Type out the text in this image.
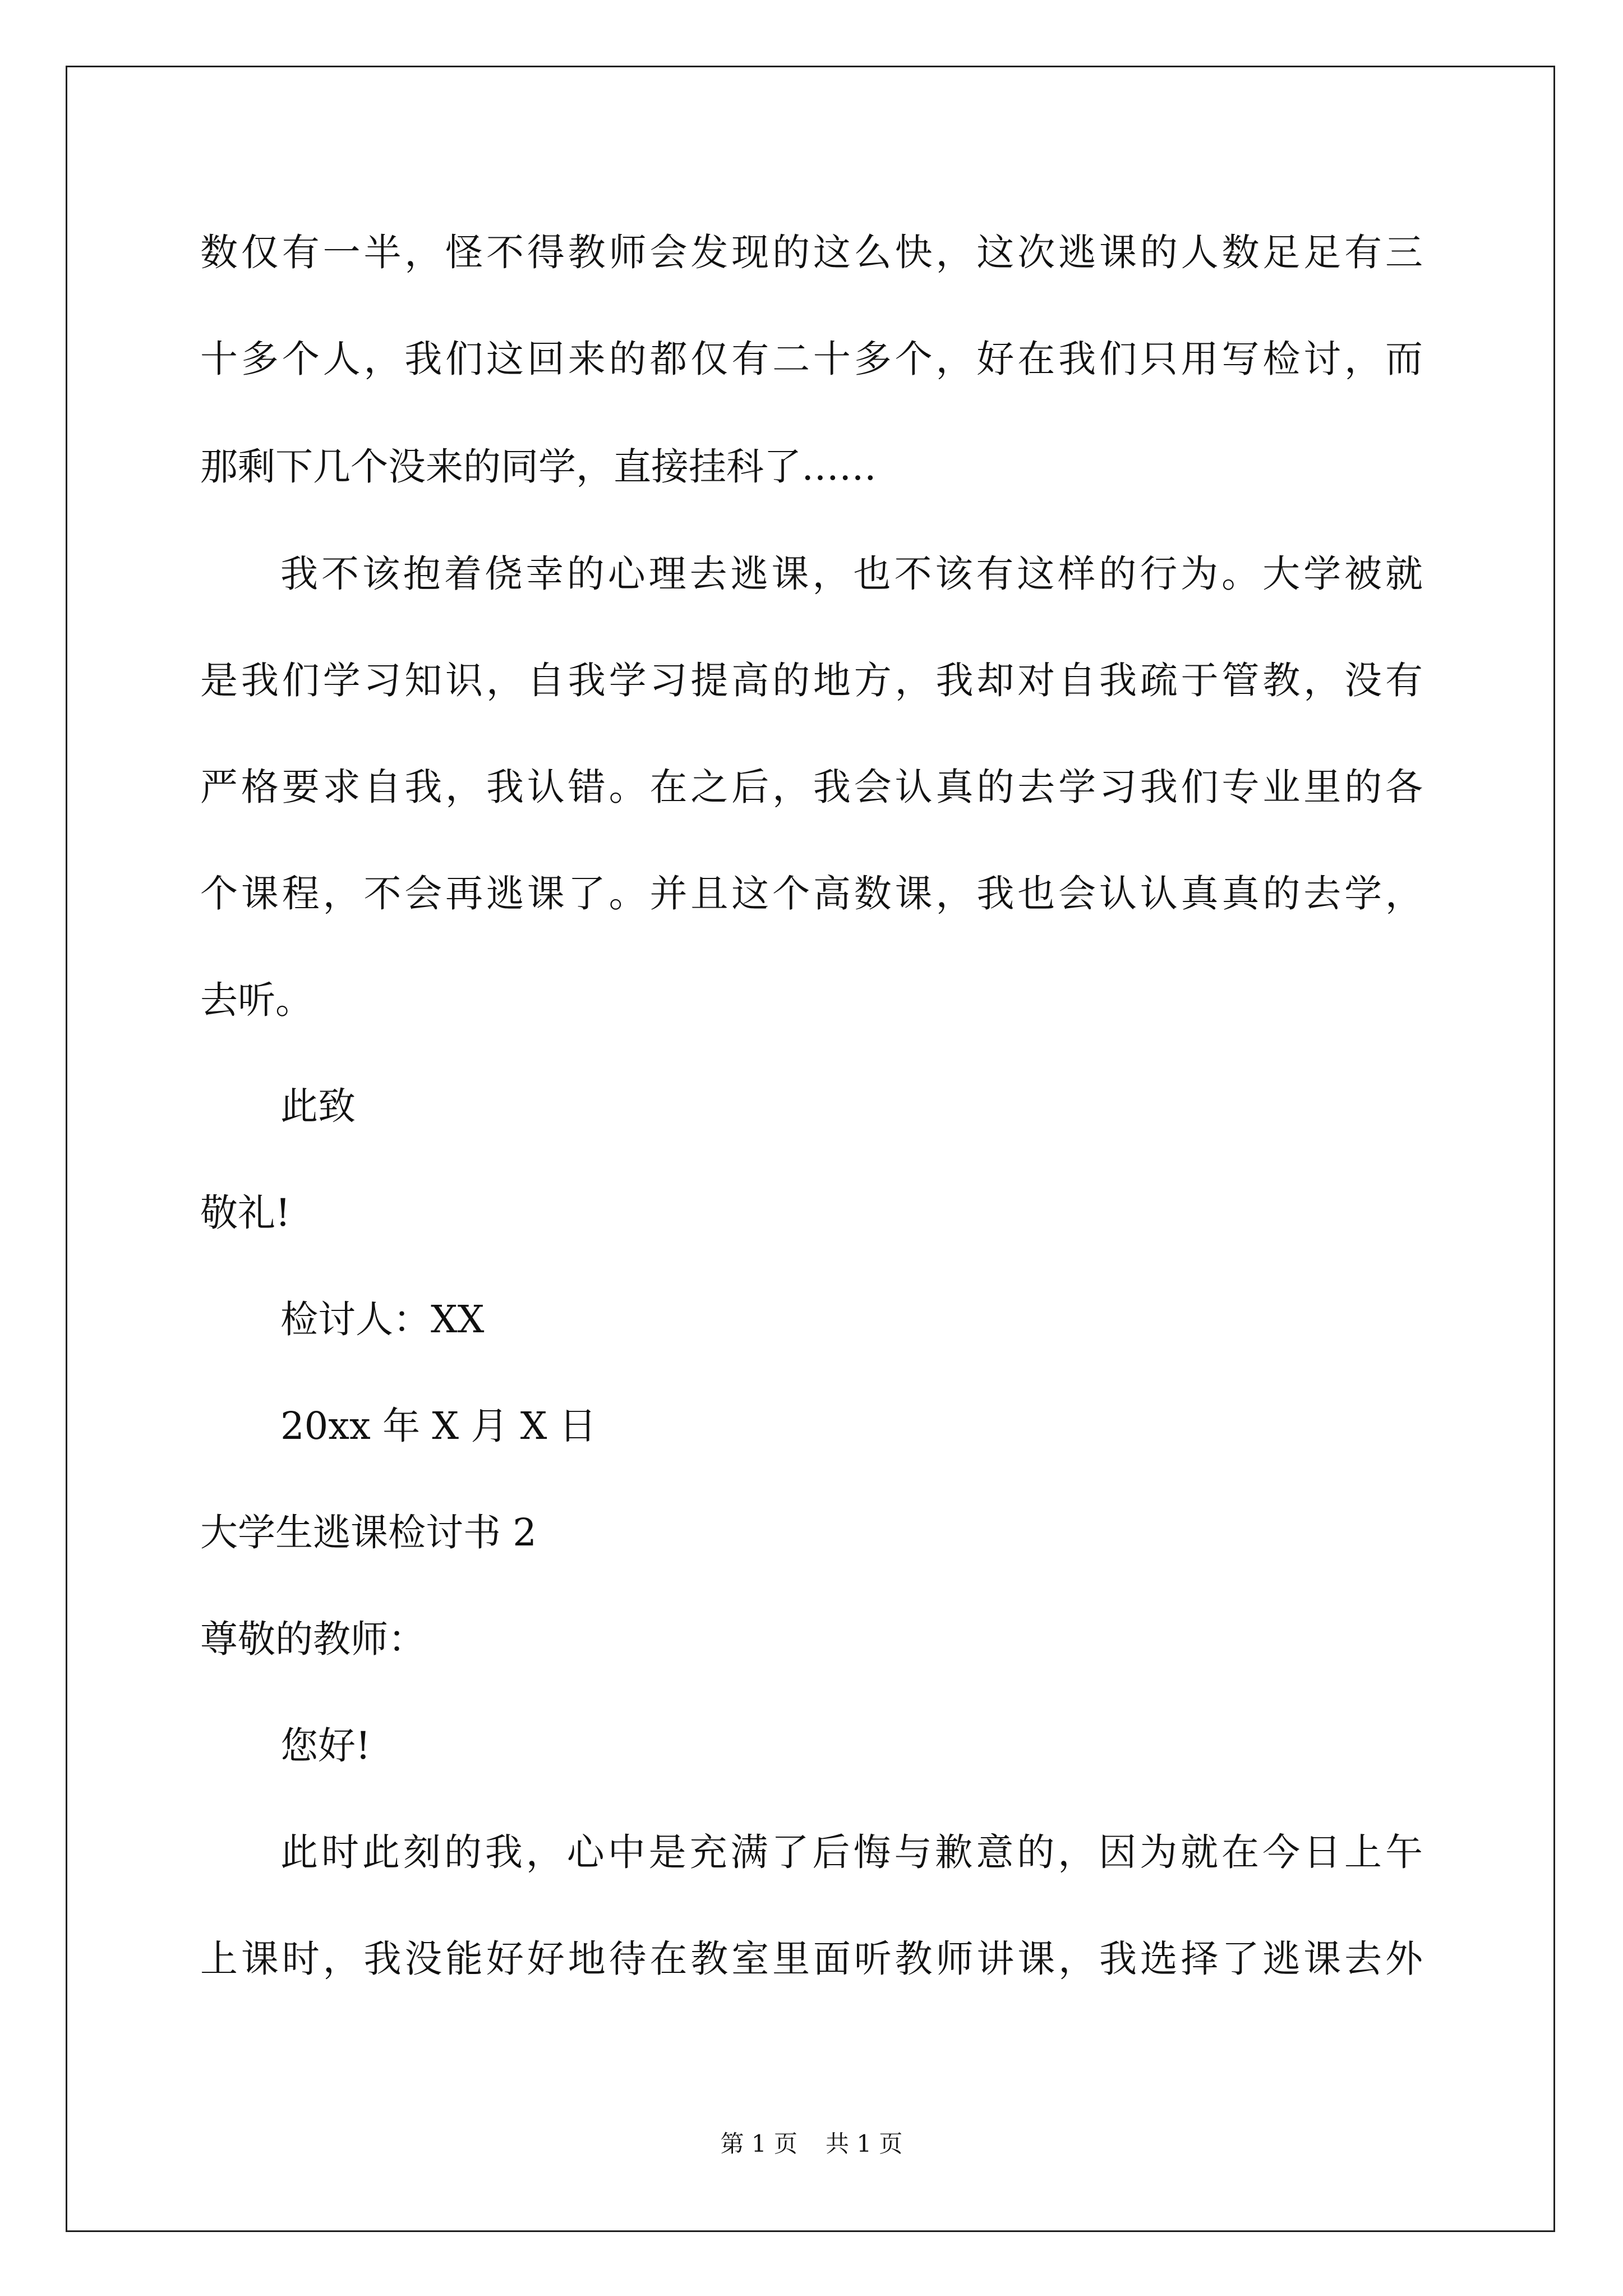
数仅有一半，怪不得教师会发现的这么快，这次逃课的人数足足有三
十多个人，我们这回来的都仅有二十多个，好在我们只用写检讨，而
那剩下几个没来的同学，直接挂科了……
我不该抱着侥幸的心理去逃课，也不该有这样的行为。大学被就
是我们学习知识，自我学习提高的地方，我却对自我疏于管教，没有
严格要求自我，我认错。在之后，我会认真的去学习我们专业里的各
个课程，不会再逃课了。并且这个高数课，我也会认认真真的去学，
去听。
此致
敬礼!
检讨人：XX
20xx 年 X 月 X 日
大学生逃课检讨书 2
尊敬的教师：
您好!
此时此刻的我，心中是充满了后悔与歉意的，因为就在今日上午
上课时，我没能好好地待在教室里面听教师讲课，我选择了逃课去外
第 1 页 共 1 页
